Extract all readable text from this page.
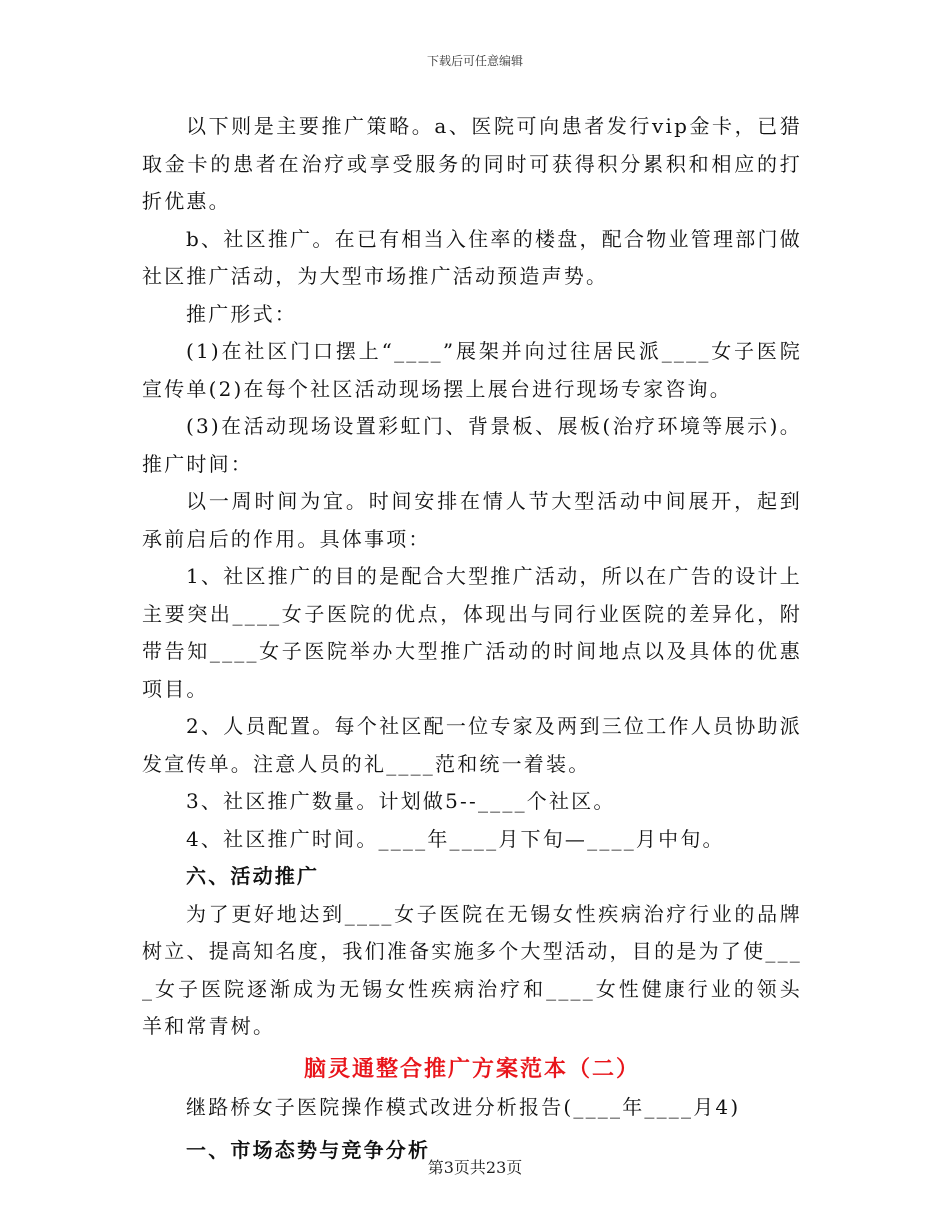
下载后可任意编辑

以下则是主要推广策略。a、医院可向患者发行vip金卡，已猎取金卡的患者在治疗或享受服务的同时可获得积分累积和相应的打折优惠。

b、社区推广。在已有相当入住率的楼盘，配合物业管理部门做社区推广活动，为大型市场推广活动预造声势。

推广形式：

(1)在社区门口摆上“____”展架并向过往居民派____女子医院宣传单(2)在每个社区活动现场摆上展台进行现场专家咨询。

(3)在活动现场设置彩虹门、背景板、展板(治疗环境等展示)。推广时间：

以一周时间为宜。时间安排在情人节大型活动中间展开，起到承前启后的作用。具体事项：

1、社区推广的目的是配合大型推广活动，所以在广告的设计上主要突出____女子医院的优点，体现出与同行业医院的差异化，附带告知____女子医院举办大型推广活动的时间地点以及具体的优惠项目。

2、人员配置。每个社区配一位专家及两到三位工作人员协助派发宣传单。注意人员的礼____范和统一着装。

3、社区推广数量。计划做5--____个社区。

4、社区推广时间。____年____月下旬—____月中旬。

六、活动推广

为了更好地达到____女子医院在无锡女性疾病治疗行业的品牌树立、提高知名度，我们准备实施多个大型活动，目的是为了使____女子医院逐渐成为无锡女性疾病治疗和____女性健康行业的领头羊和常青树。

脑灵通整合推广方案范本（二）

继路桥女子医院操作模式改进分析报告(____年____月4)

一、市场态势与竞争分析

第3页共23页
